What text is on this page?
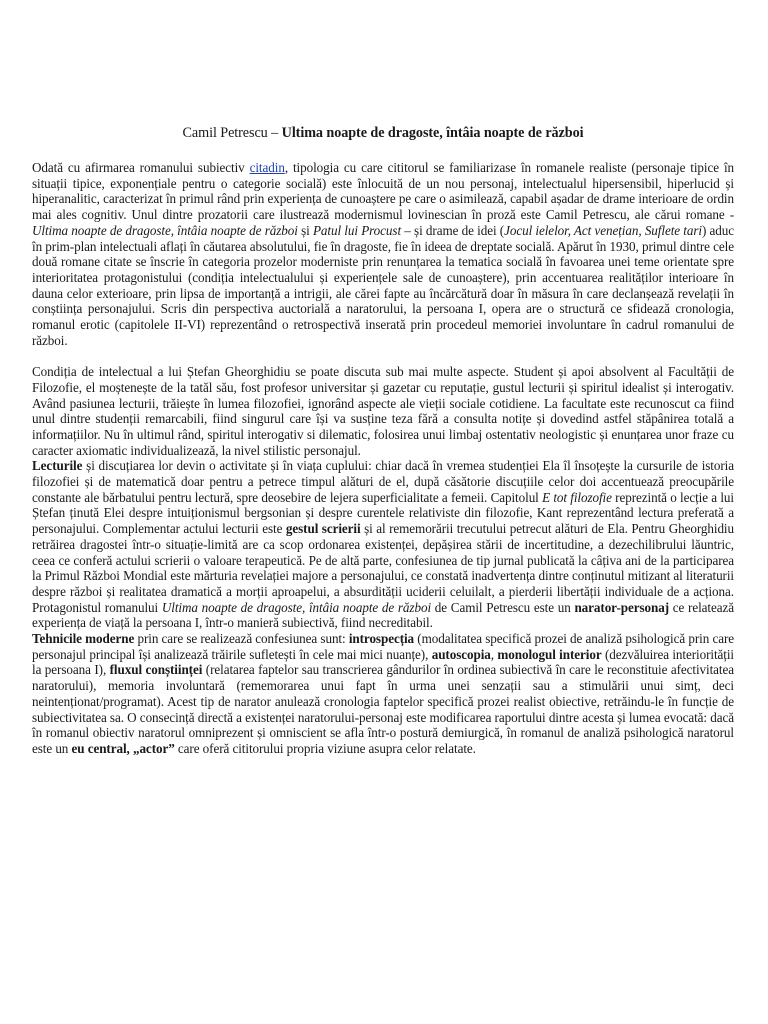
Camil Petrescu – Ultima noapte de dragoste, întâia noapte de război

Odată cu afirmarea romanului subiectiv citadin, tipologia cu care cititorul se familiarizase în romanele realiste (personaje tipice în situații tipice, exponențiale pentru o categorie socială) este înlocuită de un nou personaj, intelectualul hipersensibil, hiperlucid și hiperanalitic, caracterizat în primul rând prin experiența de cunoaștere pe care o asimilează, capabil așadar de drame interioare de ordin mai ales cognitiv. Unul dintre prozatorii care ilustrează modernismul lovinescian în proză este Camil Petrescu, ale cărui romane - Ultima noapte de dragoste, întâia noapte de război și Patul lui Procust – și drame de idei (Jocul ielelor, Act venețian, Suflete tari) aduc în prim-plan intelectuali aflați în căutarea absolutului, fie în dragoste, fie în ideea de dreptate socială. Apărut în 1930, primul dintre cele două romane citate se înscrie în categoria prozelor moderniste prin renunțarea la tematica socială în favoarea unei teme orientate spre interioritatea protagonistului (condiția intelectualului și experiențele sale de cunoaștere), prin accentuarea realităților interioare în dauna celor exterioare, prin lipsa de importanță a intrigii, ale cărei fapte au încărcătură doar în măsura în care declanșează revelații în conștiința personajului. Scris din perspectiva auctorială a naratorului, la persoana I, opera are o structură ce sfidează cronologia, romanul erotic (capitolele II-VI) reprezentând o retrospectivă inserată prin procedeul memoriei involuntare în cadrul romanului de război.

Condiția de intelectual a lui Ștefan Gheorghidiu se poate discuta sub mai multe aspecte. Student și apoi absolvent al Facultății de Filozofie, el moștenește de la tatăl său, fost profesor universitar și gazetar cu reputație, gustul lecturii și spiritul idealist și interogativ. Având pasiunea lecturii, trăiește în lumea filozofiei, ignorând aspecte ale vieții sociale cotidiene. La facultate este recunoscut ca fiind unul dintre studenții remarcabili, fiind singurul care își va susține teza fără a consulta notițe și dovedind astfel stăpânirea totală a informațiilor. Nu în ultimul rând, spiritul interogativ si dilematic, folosirea unui limbaj ostentativ neologistic și enunțarea unor fraze cu caracter axiomatic individualizează, la nivel stilistic personajul.

Lecturile și discuțiarea lor devin o activitate și în viața cuplului: chiar dacă în vremea studenției Ela îl însoțește la cursurile de istoria filozofiei și de matematică doar pentru a petrece timpul alături de el, după căsătorie discuțiile celor doi accentuează preocupările constante ale bărbatului pentru lectură, spre deosebire de lejera superficialitate a femeii. Capitolul E tot filozofie reprezintă o lecție a lui Ștefan ținută Elei despre intuiționismul bergsonian și despre curentele relativiste din filozofie, Kant reprezentând lectura preferată a personajului. Complementar actului lecturii este gestul scrierii și al rememorării trecutului petrecut alături de Ela. Pentru Gheorghidiu retrăirea dragostei într-o situație-limită are ca scop ordonarea existenței, depășirea stării de incertitudine, a dezechilibrului lăuntric, ceea ce conferă actului scrierii o valoare terapeutică. Pe de altă parte, confesiunea de tip jurnal publicată la câțiva ani de la participarea la Primul Război Mondial este mărturia revelației majore a personajului, ce constată inadvertența dintre conținutul mitizant al literaturii despre război și realitatea dramatică a morții aproapelui, a absurdității uciderii celuilalt, a pierderii libertății individuale de a acționa. Protagonistul romanului Ultima noapte de dragoste, întâia noapte de război de Camil Petrescu este un narator-personaj ce relatează experiența de viață la persoana I, într-o manieră subiectivă, fiind necreditabil.

Tehnicile moderne prin care se realizează confesiunea sunt: introspecția (modalitatea specifică prozei de analiză psihologică prin care personajul principal își analizează trăirile sufletești în cele mai mici nuanțe), autoscopia, monologul interior (dezvăluirea interiorității la persoana I), fluxul conștiinței (relatarea faptelor sau transcrierea gândurilor în ordinea subiectivă în care le reconstituie afectivitatea naratorului), memoria involuntară (rememorarea unui fapt în urma unei senzații sau a stimulării unui simț, deci neintenționat/programat). Acest tip de narator anulează cronologia faptelor specifică prozei realist obiective, retrăindu-le în funcție de subiectivitatea sa. O consecință directă a existenței naratorului-personaj este modificarea raportului dintre acesta și lumea evocată: dacă în romanul obiectiv naratorul omniprezent și omniscient se afla într-o postură demiurgică, în romanul de analiză psihologică naratorul este un eu central, „actor” care oferă cititorului propria viziune asupra celor relatate.
